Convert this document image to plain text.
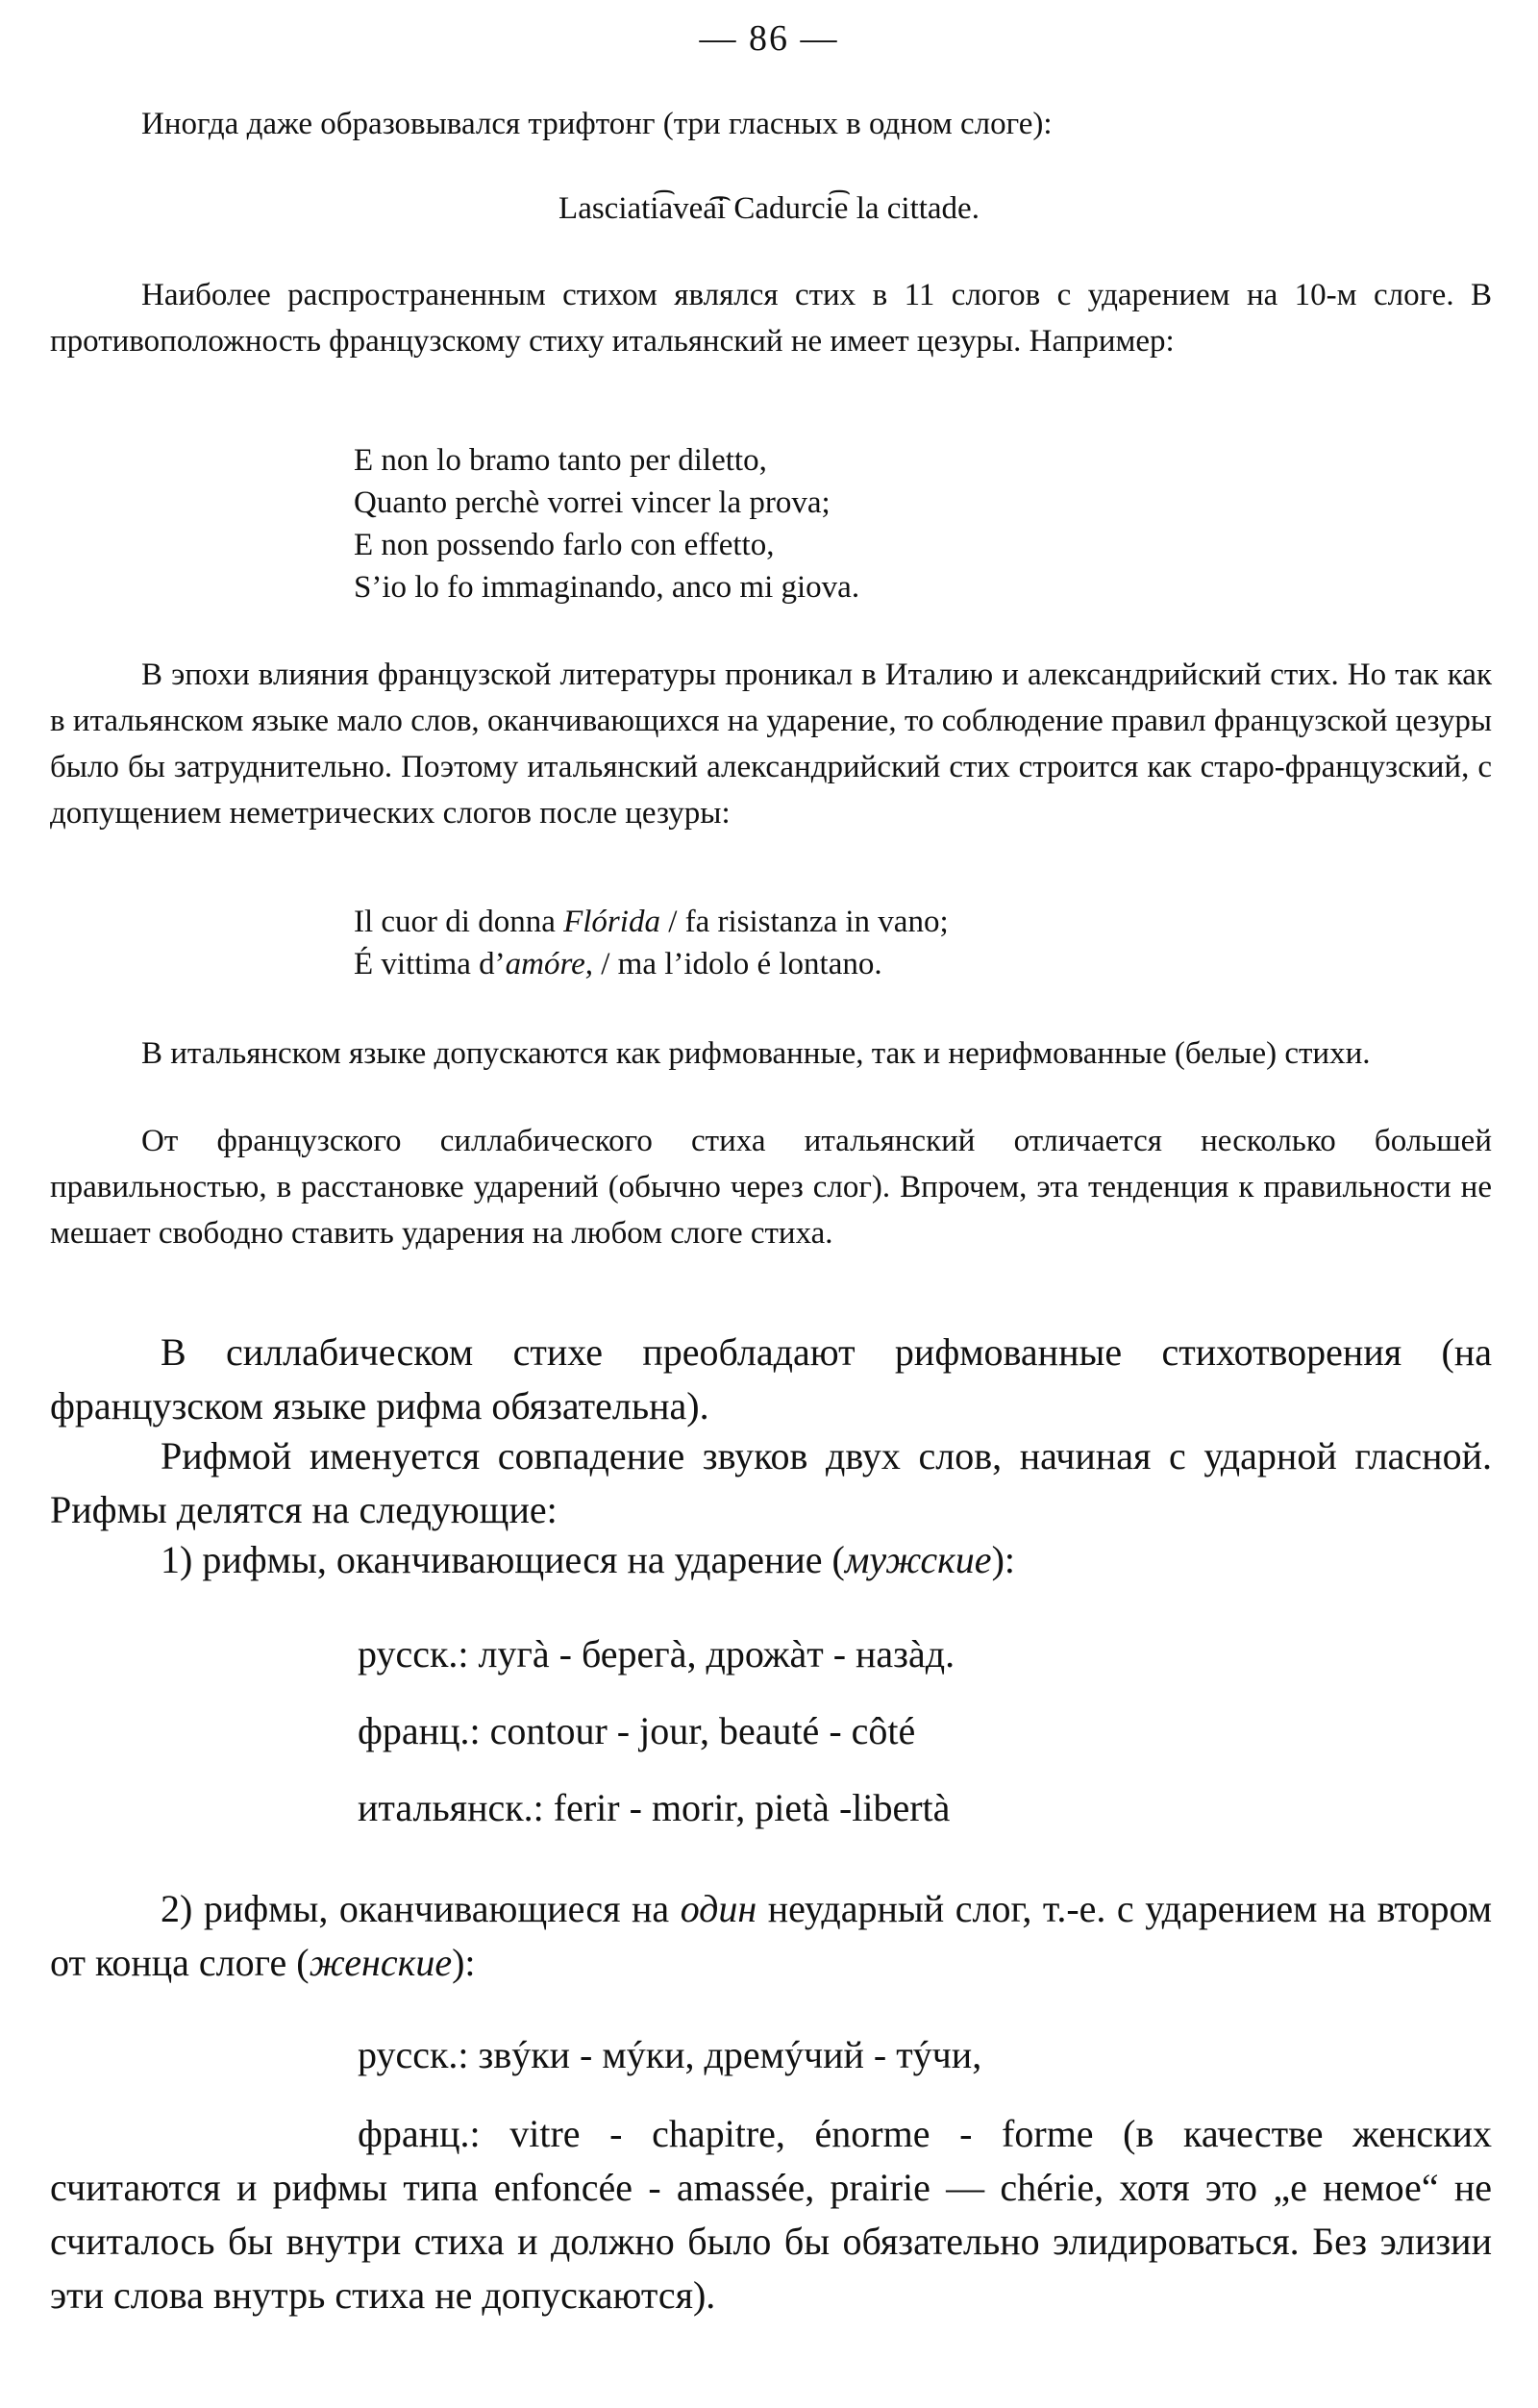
— 86 —

Иногда даже образовывался трифтонг (три гласных в одном слоге):

Lasciati͡avea͡i Cadurci͡e la cittade.

Наиболее распространенным стихом являлся стих в 11 слогов с ударением на 10-м слоге. В противоположность французскому стиху итальянский не имеет цезуры. Например:

E non lo bramo tanto per diletto,
Quanto perchè vorrei vincer la prova;
E non possendo farlo con effetto,
S’io lo fo immaginando, anco mi giova.

В эпохи влияния французской литературы проникал в Италию и александрийский стих. Но так как в итальянском языке мало слов, оканчивающихся на ударение, то соблюдение правил французской цезуры было бы затруднительно. Поэтому итальянский александрийский стих строится как старо-французский, с допущением неметрических слогов после цезуры:

Il cuor di donna Flórida / fa risistanza in vano;
É vittima d’amóre, / ma l’idolo é lontano.

В итальянском языке допускаются как рифмованные, так и нерифмованные (белые) стихи.

От французского силлабического стиха итальянский отличается несколько большей правильностью, в расстановке ударений (обычно через слог). Впрочем, эта тенденция к правильности не мешает свободно ставить ударения на любом слоге стиха.

В силлабическом стихе преобладают рифмованные стихотворения (на французском языке рифма обязательна).

Рифмой именуется совпадение звуков двух слов, начиная с ударной гласной. Рифмы делятся на следующие:

1) рифмы, оканчивающиеся на ударение (мужские):

русск.: лугà - берегà, дрожàт - назàд.
франц.: contour - jour, beauté - côté
итальянск.: ferir - morir, pietà -libertà

2) рифмы, оканчивающиеся на один неударный слог, т.-е. с ударением на втором от конца слоге (женские):

русск.: звýки - мýки, дремýчий - тýчи,

франц.: vitre - chapitre, énorme - forme (в качестве женских считаются и рифмы типа enfoncée - amassée, prairie — chérie, хотя это „е немое“ не считалось бы внутри стиха и должно было бы обязательно элидироваться. Без элизии эти слова внутрь стиха не допускаются).
